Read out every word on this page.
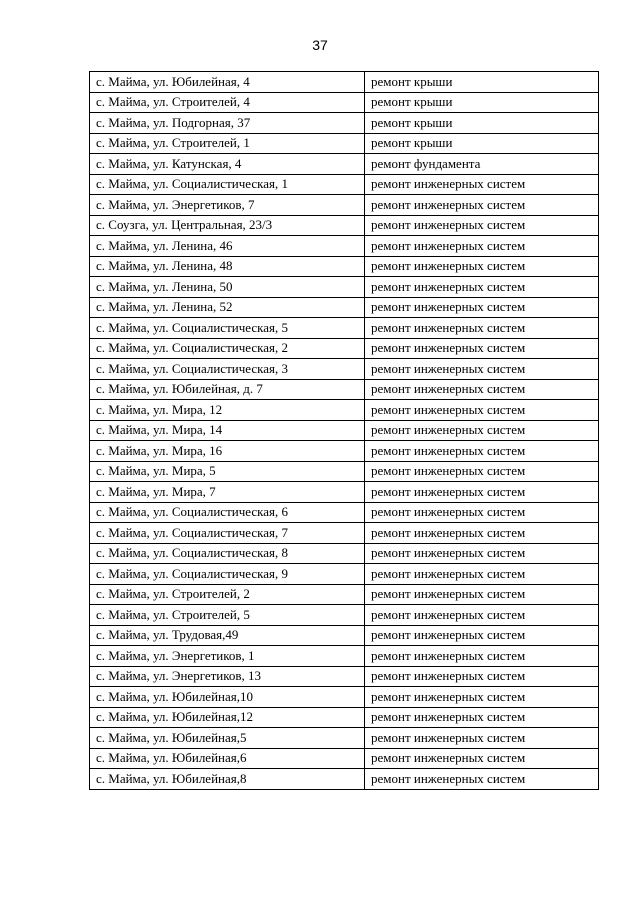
37
с. Майма, ул. Юбилейная, 4	ремонт крыши
с. Майма, ул. Строителей, 4	ремонт крыши
с. Майма, ул. Подгорная, 37	ремонт крыши
с. Майма, ул. Строителей, 1	ремонт крыши
с. Майма, ул. Катунская, 4	ремонт фундамента
с. Майма, ул. Социалистическая, 1	ремонт инженерных систем
с. Майма, ул. Энергетиков, 7	ремонт инженерных систем
с. Соузга, ул. Центральная, 23/3	ремонт инженерных систем
с. Майма, ул. Ленина, 46	ремонт инженерных систем
с. Майма, ул. Ленина, 48	ремонт инженерных систем
с. Майма, ул. Ленина, 50	ремонт инженерных систем
с. Майма, ул. Ленина, 52	ремонт инженерных систем
с. Майма, ул. Социалистическая, 5	ремонт инженерных систем
с. Майма, ул. Социалистическая, 2	ремонт инженерных систем
с. Майма, ул. Социалистическая, 3	ремонт инженерных систем
с. Майма, ул. Юбилейная, д. 7	ремонт инженерных систем
с. Майма, ул. Мира, 12	ремонт инженерных систем
с. Майма, ул. Мира, 14	ремонт инженерных систем
с. Майма, ул. Мира, 16	ремонт инженерных систем
с. Майма, ул. Мира, 5	ремонт инженерных систем
с. Майма, ул. Мира, 7	ремонт инженерных систем
с. Майма, ул. Социалистическая, 6	ремонт инженерных систем
с. Майма, ул. Социалистическая, 7	ремонт инженерных систем
с. Майма, ул. Социалистическая, 8	ремонт инженерных систем
с. Майма, ул. Социалистическая, 9	ремонт инженерных систем
с. Майма, ул. Строителей, 2	ремонт инженерных систем
с. Майма, ул. Строителей, 5	ремонт инженерных систем
с. Майма, ул. Трудовая,49	ремонт инженерных систем
с. Майма, ул. Энергетиков, 1	ремонт инженерных систем
с. Майма, ул. Энергетиков, 13	ремонт инженерных систем
с. Майма, ул. Юбилейная,10	ремонт инженерных систем
с. Майма, ул. Юбилейная,12	ремонт инженерных систем
с. Майма, ул. Юбилейная,5	ремонт инженерных систем
с. Майма, ул. Юбилейная,6	ремонт инженерных систем
с. Майма, ул. Юбилейная,8	ремонт инженерных систем
